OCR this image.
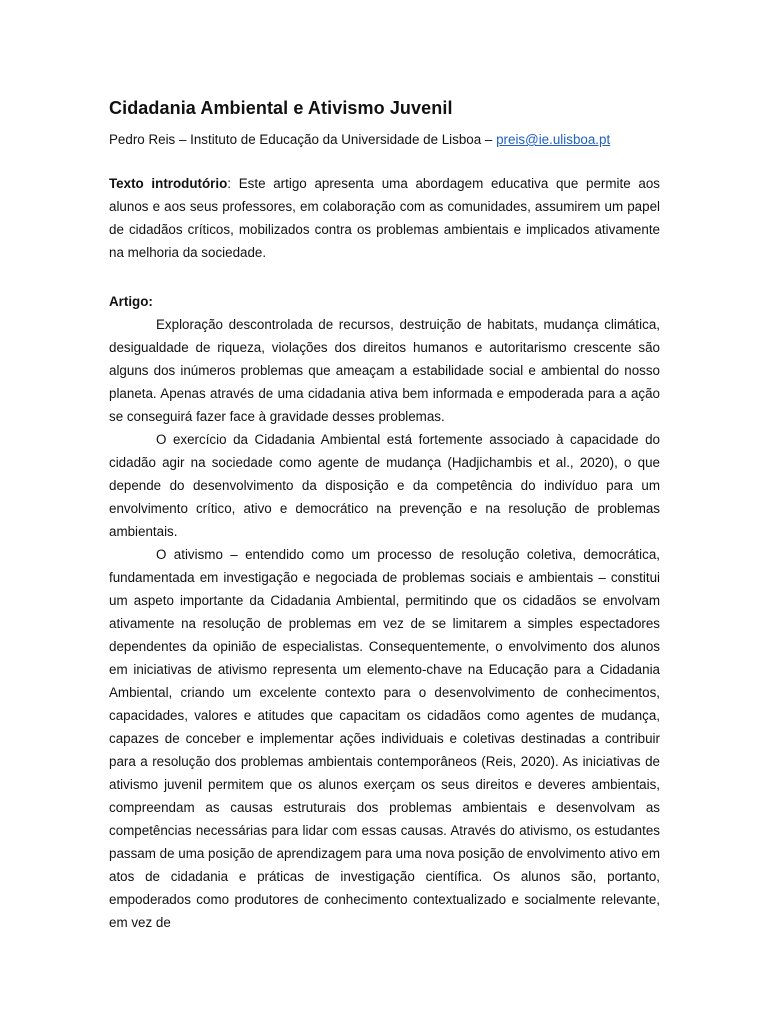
Cidadania Ambiental e Ativismo Juvenil
Pedro Reis – Instituto de Educação da Universidade de Lisboa – preis@ie.ulisboa.pt
Texto introdutório: Este artigo apresenta uma abordagem educativa que permite aos alunos e aos seus professores, em colaboração com as comunidades, assumirem um papel de cidadãos críticos, mobilizados contra os problemas ambientais e implicados ativamente na melhoria da sociedade.
Artigo:

Exploração descontrolada de recursos, destruição de habitats, mudança climática, desigualdade de riqueza, violações dos direitos humanos e autoritarismo crescente são alguns dos inúmeros problemas que ameaçam a estabilidade social e ambiental do nosso planeta. Apenas através de uma cidadania ativa bem informada e empoderada para a ação se conseguirá fazer face à gravidade desses problemas.

O exercício da Cidadania Ambiental está fortemente associado à capacidade do cidadão agir na sociedade como agente de mudança (Hadjichambis et al., 2020), o que depende do desenvolvimento da disposição e da competência do indivíduo para um envolvimento crítico, ativo e democrático na prevenção e na resolução de problemas ambientais.

O ativismo – entendido como um processo de resolução coletiva, democrática, fundamentada em investigação e negociada de problemas sociais e ambientais – constitui um aspeto importante da Cidadania Ambiental, permitindo que os cidadãos se envolvam ativamente na resolução de problemas em vez de se limitarem a simples espectadores dependentes da opinião de especialistas. Consequentemente, o envolvimento dos alunos em iniciativas de ativismo representa um elemento-chave na Educação para a Cidadania Ambiental, criando um excelente contexto para o desenvolvimento de conhecimentos, capacidades, valores e atitudes que capacitam os cidadãos como agentes de mudança, capazes de conceber e implementar ações individuais e coletivas destinadas a contribuir para a resolução dos problemas ambientais contemporâneos (Reis, 2020). As iniciativas de ativismo juvenil permitem que os alunos exerçam os seus direitos e deveres ambientais, compreendam as causas estruturais dos problemas ambientais e desenvolvam as competências necessárias para lidar com essas causas. Através do ativismo, os estudantes passam de uma posição de aprendizagem para uma nova posição de envolvimento ativo em atos de cidadania e práticas de investigação científica. Os alunos são, portanto, empoderados como produtores de conhecimento contextualizado e socialmente relevante, em vez de
